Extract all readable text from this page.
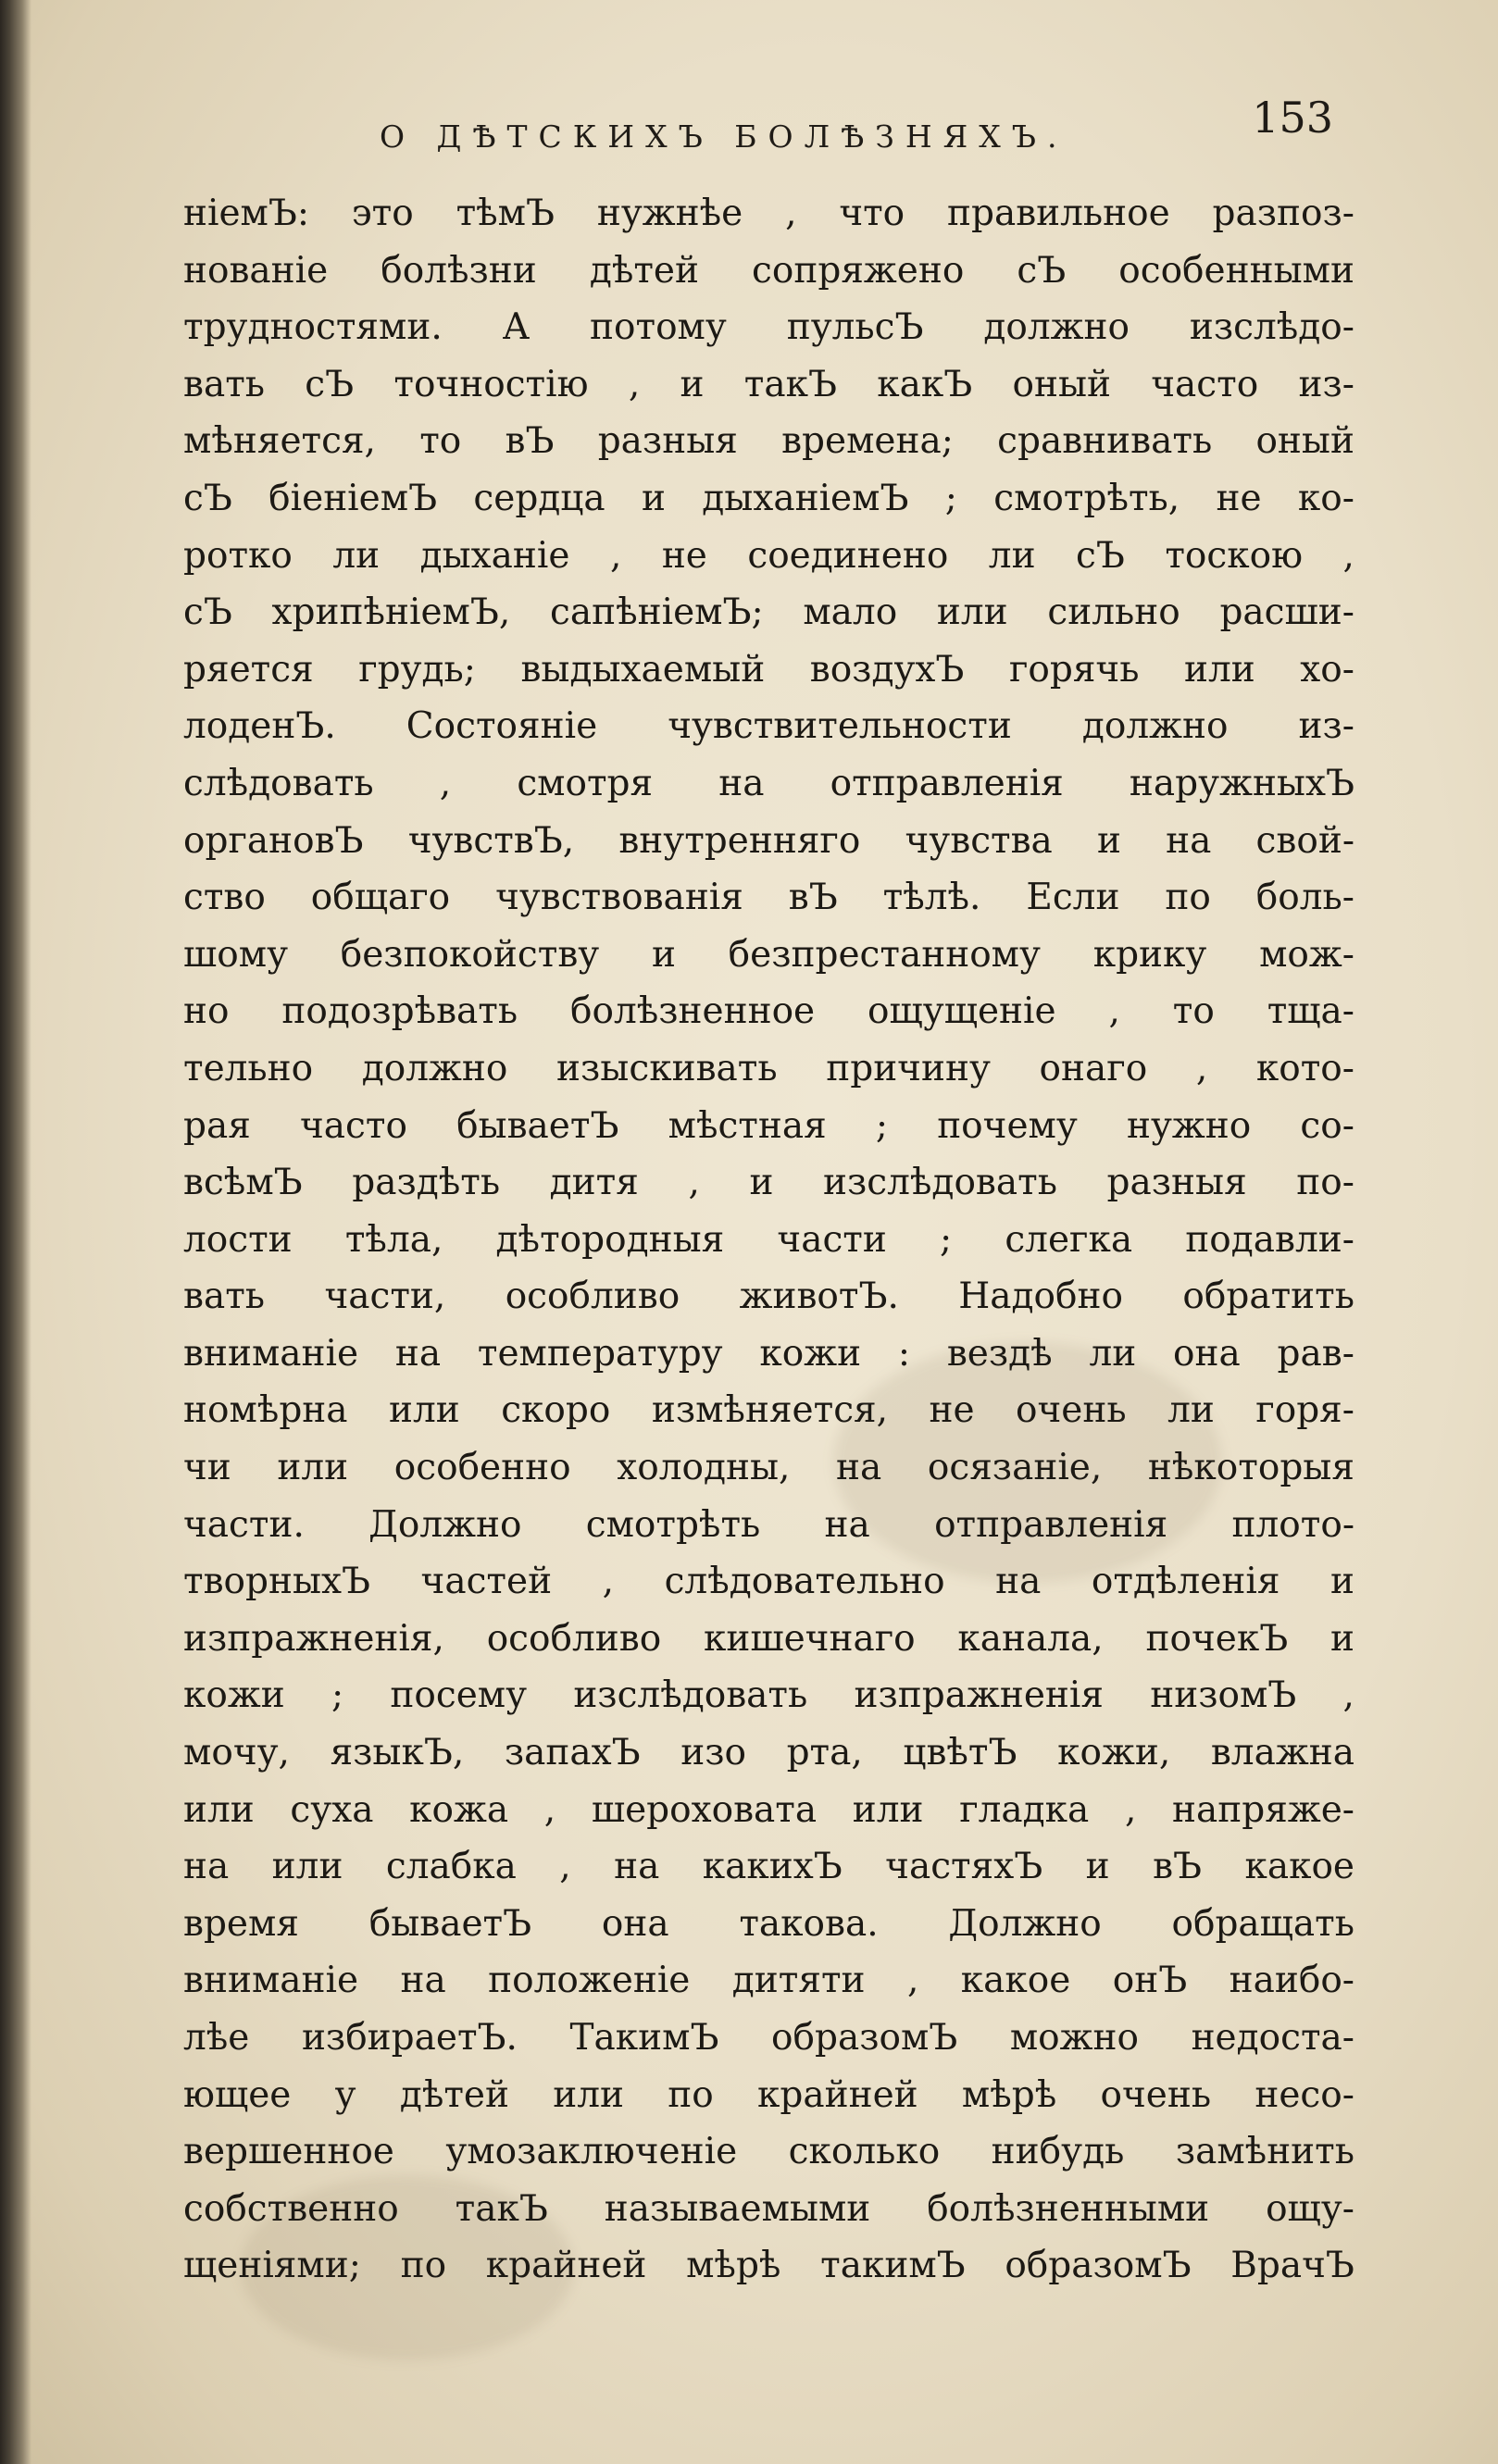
О ДѢТСКИХЪ БОЛѢЗНЯХЪ.	153
ніемЪ: это тѣмЪ нужнѣе , что правильное разпоз-
нованіе болѣзни дѣтей сопряжено сЪ особенными
трудностями. А потому пульсЪ должно изслѣдо-
вать сЪ точностію , и такЪ какЪ оный часто из-
мѣняется, то вЪ разныя времена; сравнивать оный
сЪ біеніемЪ сердца и дыханіемЪ ; смотрѣть, не ко-
ротко ли дыханіе , не соединено ли сЪ тоскою ,
сЪ хрипѣніемЪ, сапѣніемЪ; мало или сильно расши-
ряется грудь; выдыхаемый воздухЪ горячь или хо-
лоденЪ. Состояніе чувствительности должно из-
слѣдовать , смотря на отправленія наружныхЪ
органовЪ чувствЪ, внутренняго чувства и на свой-
ство общаго чувствованія вЪ тѣлѣ. Если по боль-
шому безпокойству и безпрестанному крику мож-
но подозрѣвать болѣзненное ощущеніе , то тща-
тельно должно изыскивать причину онаго , кото-
рая часто бываетЪ мѣстная ; почему нужно со-
всѣмЪ раздѣть дитя , и изслѣдовать разныя по-
лости тѣла, дѣторoдныя части ; слегка подавли-
вать части, особливо животЪ. Надобно обратить
вниманіе на температуру кожи : вездѣ ли она рав-
номѣрна или скоро измѣняется, не очень ли горя-
чи или особенно холодны, на осязаніе, нѣкоторыя
части. Должно смотрѣть на отправленія плото-
творныхЪ частей , слѣдовательно на отдѣленія и
изпражненія, особливо кишечнаго канала, почекЪ и
кожи ; посему изслѣдовать изпражненія низомЪ ,
мочу, языкЪ, запахЪ изо рта, цвѣтЪ кожи, влажна
или суха кожа , шероховата или гладка , напряже-
на или слабка , на какихЪ частяхЪ и вЪ какое
время бываетЪ она такова. Должно обращать
вниманіе на положеніе дитяти , какое онЪ наибо-
лѣе избираетЪ. ТакимЪ образомЪ можно недоста-
ющее у дѣтей или по крайней мѣрѣ очень несо-
вершенное умозаключеніе сколько нибудь замѣнить
собственно такЪ называемыми болѣзненными ощу-
щеніями; по крайней мѣрѣ такимЪ образомЪ ВрачЪ
